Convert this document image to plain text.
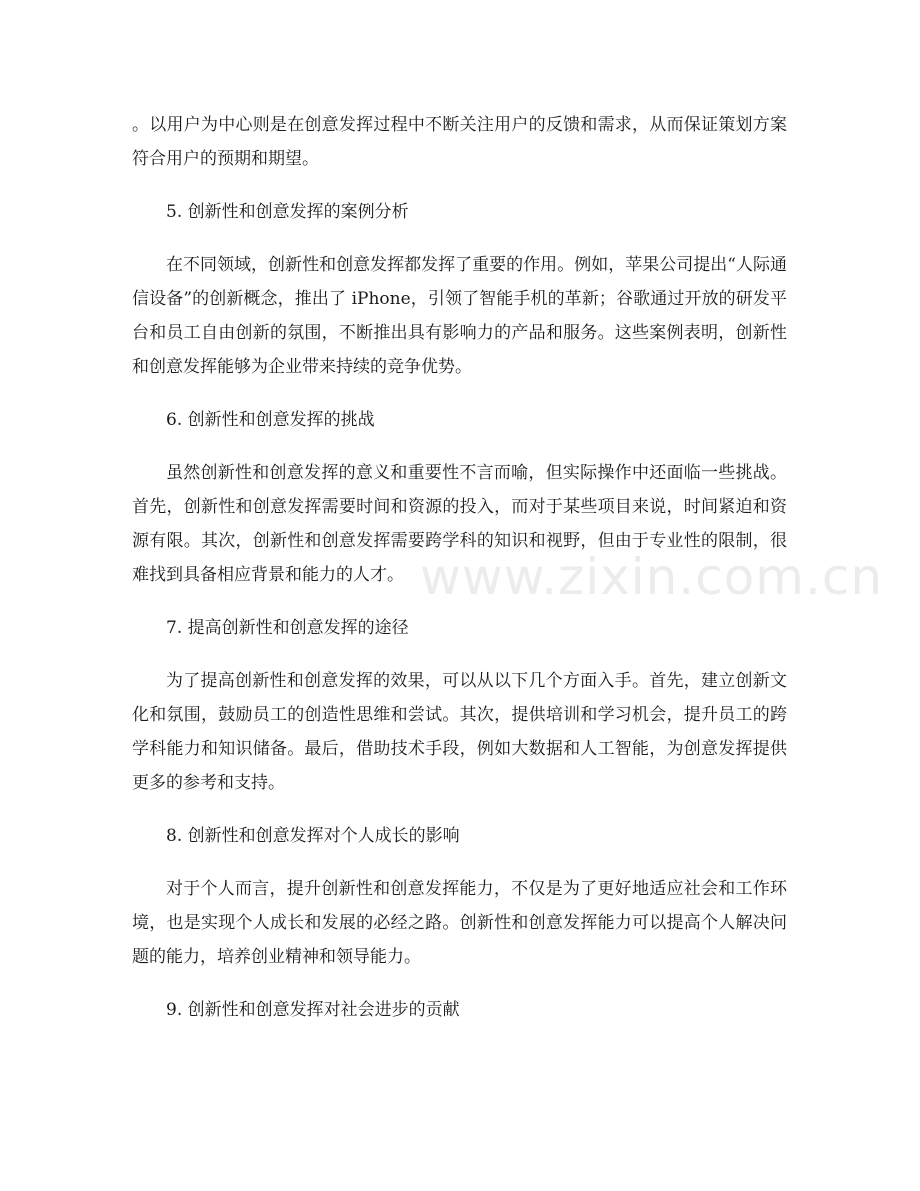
。以用户为中心则是在创意发挥过程中不断关注用户的反馈和需求，从而保证策划方案符合用户的预期和期望。

5. 创新性和创意发挥的案例分析

在不同领域，创新性和创意发挥都发挥了重要的作用。例如，苹果公司提出“人际通信设备”的创新概念，推出了 iPhone，引领了智能手机的革新；谷歌通过开放的研发平台和员工自由创新的氛围，不断推出具有影响力的产品和服务。这些案例表明，创新性和创意发挥能够为企业带来持续的竞争优势。

6. 创新性和创意发挥的挑战

虽然创新性和创意发挥的意义和重要性不言而喻，但实际操作中还面临一些挑战。首先，创新性和创意发挥需要时间和资源的投入，而对于某些项目来说，时间紧迫和资源有限。其次，创新性和创意发挥需要跨学科的知识和视野，但由于专业性的限制，很难找到具备相应背景和能力的人才。

7. 提高创新性和创意发挥的途径

为了提高创新性和创意发挥的效果，可以从以下几个方面入手。首先，建立创新文化和氛围，鼓励员工的创造性思维和尝试。其次，提供培训和学习机会，提升员工的跨学科能力和知识储备。最后，借助技术手段，例如大数据和人工智能，为创意发挥提供更多的参考和支持。

8. 创新性和创意发挥对个人成长的影响

对于个人而言，提升创新性和创意发挥能力，不仅是为了更好地适应社会和工作环境，也是实现个人成长和发展的必经之路。创新性和创意发挥能力可以提高个人解决问题的能力，培养创业精神和领导能力。

9. 创新性和创意发挥对社会进步的贡献

www.zixin.com.cn
